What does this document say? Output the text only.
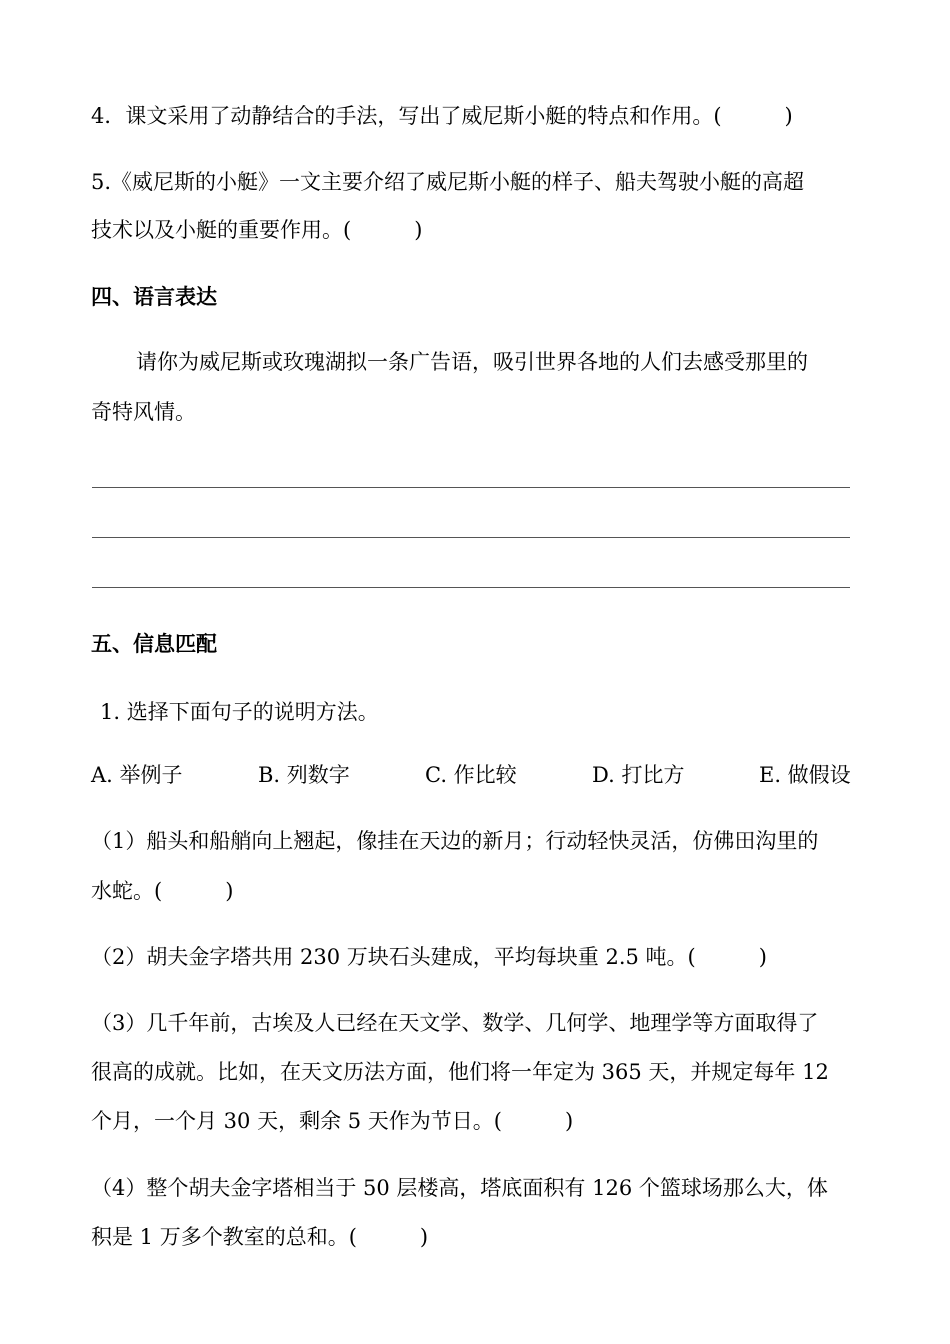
4．课文采用了动静结合的手法，写出了威尼斯小艇的特点和作用。(　　　)
5.《威尼斯的小艇》一文主要介绍了威尼斯小艇的样子、船夫驾驶小艇的高超
技术以及小艇的重要作用。(　　　)
四、语言表达
请你为威尼斯或玫瑰湖拟一条广告语，吸引世界各地的人们去感受那里的
奇特风情。
五、信息匹配
1. 选择下面句子的说明方法。
A. 举例子	B. 列数字	C. 作比较	D. 打比方	E. 做假设
（1）船头和船艄向上翘起，像挂在天边的新月；行动轻快灵活，仿佛田沟里的
水蛇。(　　　)
（2）胡夫金字塔共用 230 万块石头建成，平均每块重 2.5 吨。(　　　)
（3）几千年前，古埃及人已经在天文学、数学、几何学、地理学等方面取得了
很高的成就。比如，在天文历法方面，他们将一年定为 365 天，并规定每年 12
个月，一个月 30 天，剩余 5 天作为节日。(　　　)
（4）整个胡夫金字塔相当于 50 层楼高，塔底面积有 126 个篮球场那么大，体
积是 1 万多个教室的总和。(　　　)
